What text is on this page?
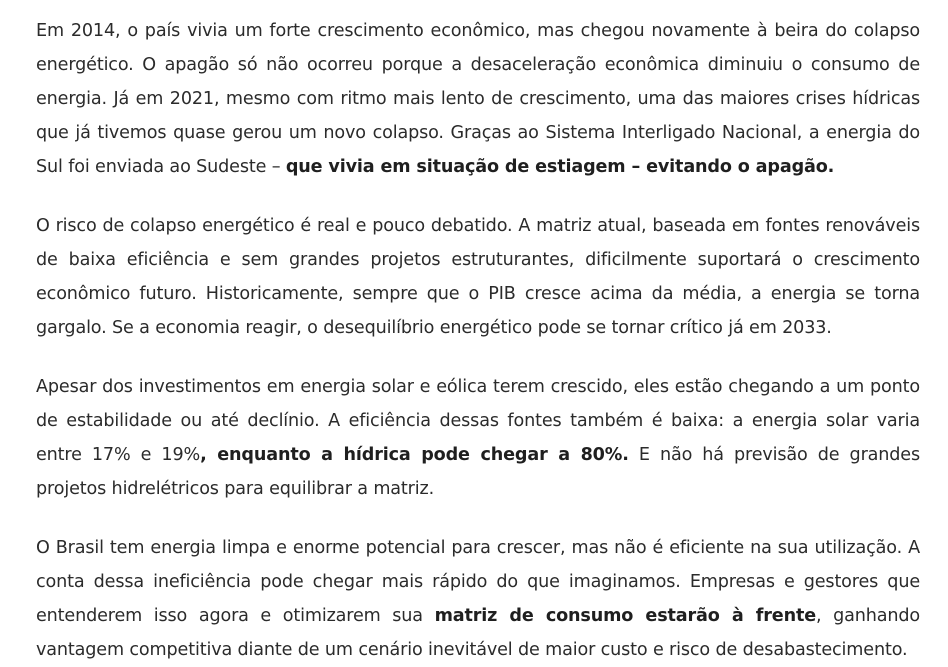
Em 2014, o país vivia um forte crescimento econômico, mas chegou novamente à beira do colapso energético. O apagão só não ocorreu porque a desaceleração econômica diminuiu o consumo de energia. Já em 2021, mesmo com ritmo mais lento de crescimento, uma das maiores crises hídricas que já tivemos quase gerou um novo colapso. Graças ao Sistema Interligado Nacional, a energia do Sul foi enviada ao Sudeste – que vivia em situação de estiagem – evitando o apagão.

O risco de colapso energético é real e pouco debatido. A matriz atual, baseada em fontes renováveis de baixa eficiência e sem grandes projetos estruturantes, dificilmente suportará o crescimento econômico futuro. Historicamente, sempre que o PIB cresce acima da média, a energia se torna gargalo. Se a economia reagir, o desequilíbrio energético pode se tornar crítico já em 2033.

Apesar dos investimentos em energia solar e eólica terem crescido, eles estão chegando a um ponto de estabilidade ou até declínio. A eficiência dessas fontes também é baixa: a energia solar varia entre 17% e 19%, enquanto a hídrica pode chegar a 80%. E não há previsão de grandes projetos hidrelétricos para equilibrar a matriz.

O Brasil tem energia limpa e enorme potencial para crescer, mas não é eficiente na sua utilização. A conta dessa ineficiência pode chegar mais rápido do que imaginamos. Empresas e gestores que entenderem isso agora e otimizarem sua matriz de consumo estarão à frente, ganhando vantagem competitiva diante de um cenário inevitável de maior custo e risco de desabastecimento.
